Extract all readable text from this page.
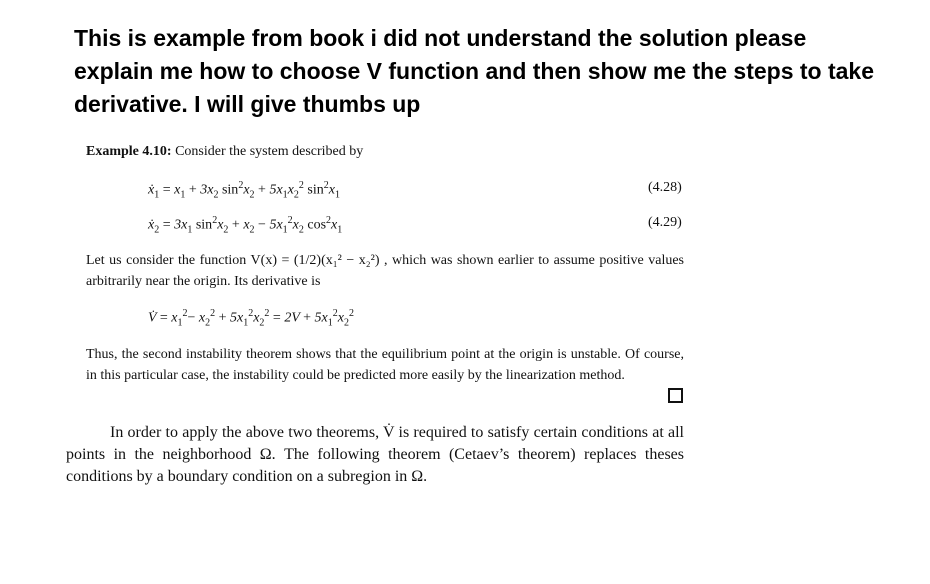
This is example from book i did not understand the solution please explain me how to choose V function and then show me the steps to take derivative. I will give thumbs up
Example 4.10: Consider the system described by
ẋ$_1$ = $x_1 + 3x_2$ $\sin^2x_2 + 5x_1x_2^2$ $\sin^2x_1$	(4.28)
ẋ$_2$ = $3x_1$ $\sin^2x_2 + x_2 - 5x_1^2x_2$ $\cos^2x_1$	(4.29)
Let us consider the function V(x) = (1/2)(x₁² − x₂²) , which was shown earlier to assume positive values arbitrarily near the origin. Its derivative is
V̇ = $x_1^2- x_2^2 + 5x_1^2x_2^2 = 2V + 5x_1^2x_2^2$
Thus, the second instability theorem shows that the equilibrium point at the origin is unstable. Of course, in this particular case, the instability could be predicted more easily by the linearization method.
In order to apply the above two theorems, V̇ is required to satisfy certain conditions at all points in the neighborhood Ω. The following theorem (Cetaev’s theorem) replaces theses conditions by a boundary condition on a subregion in Ω.
